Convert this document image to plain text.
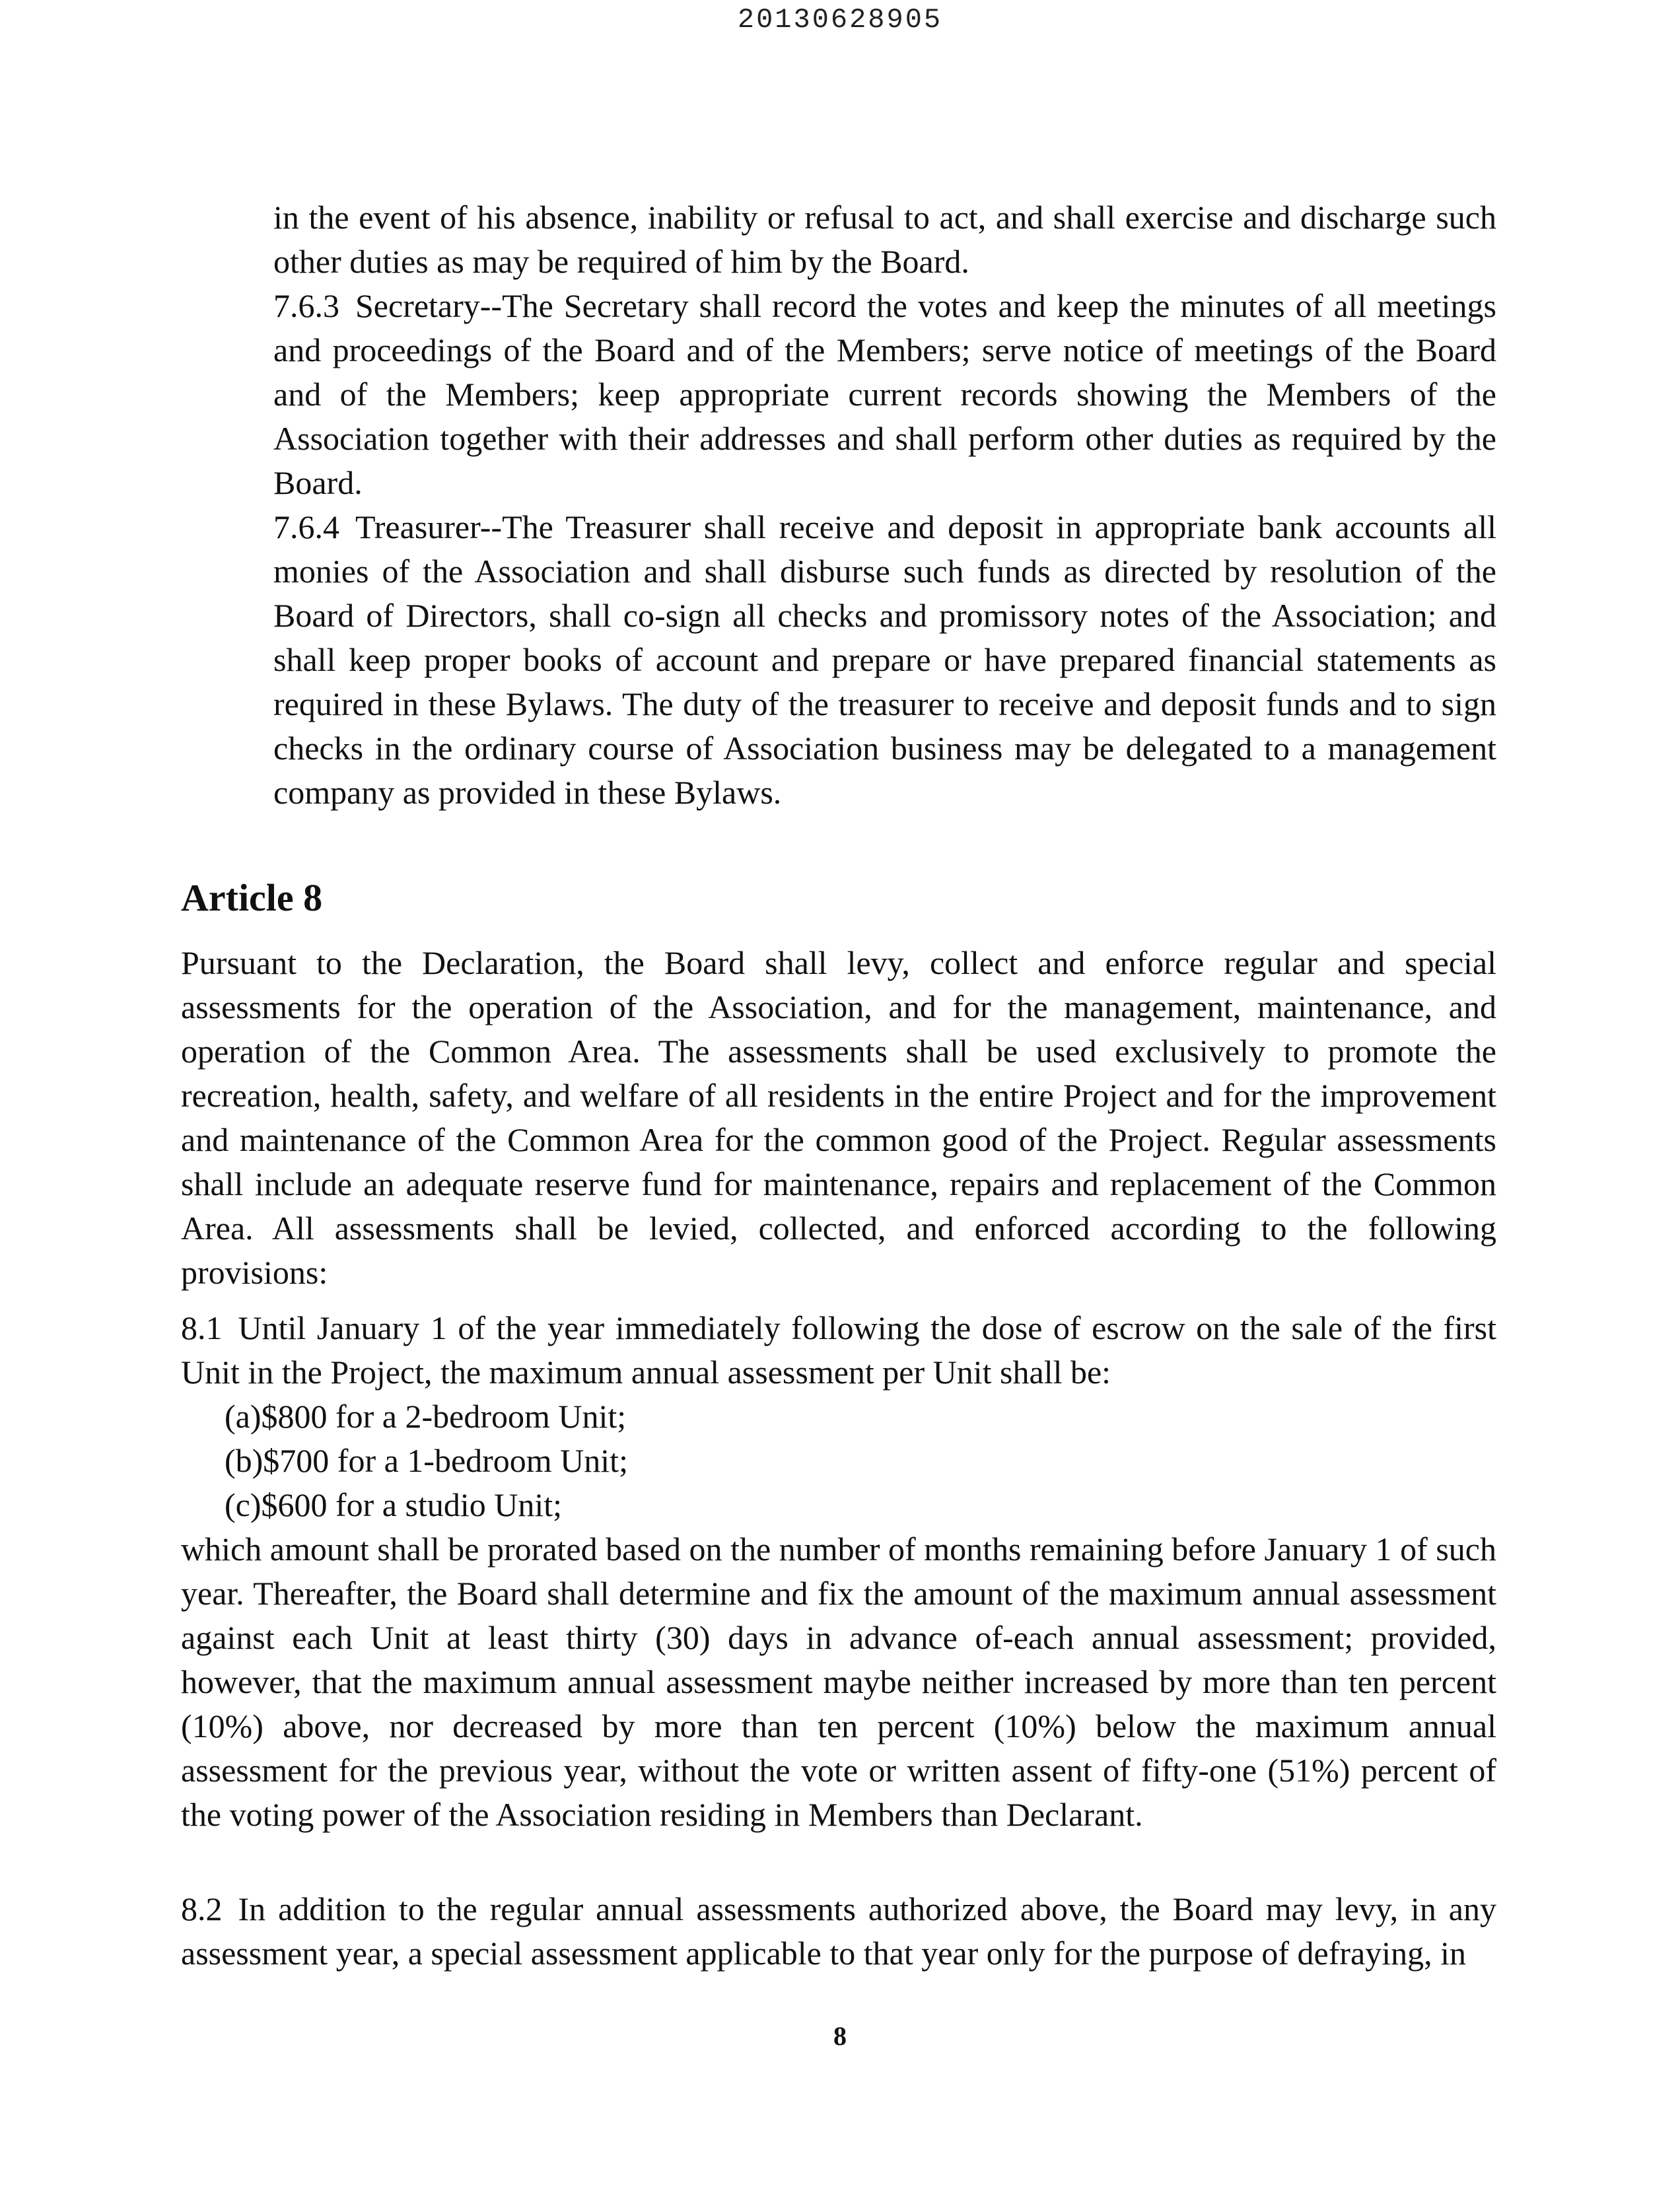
20130628905

in the event of his absence, inability or refusal to act, and shall exercise and discharge such other duties as may be required of him by the Board.

7.6.3 Secretary--The Secretary shall record the votes and keep the minutes of all meetings and proceedings of the Board and of the Members; serve notice of meetings of the Board and of the Members; keep appropriate current records showing the Members of the Association together with their addresses and shall perform other duties as required by the Board.

7.6.4 Treasurer--The Treasurer shall receive and deposit in appropriate bank accounts all monies of the Association and shall disburse such funds as directed by resolution of the Board of Directors, shall co-sign all checks and promissory notes of the Association; and shall keep proper books of account and prepare or have prepared financial statements as required in these Bylaws. The duty of the treasurer to receive and deposit funds and to sign checks in the ordinary course of Association business may be delegated to a management company as provided in these Bylaws.

Article 8

Pursuant to the Declaration, the Board shall levy, collect and enforce regular and special assessments for the operation of the Association, and for the management, maintenance, and operation of the Common Area. The assessments shall be used exclusively to promote the recreation, health, safety, and welfare of all residents in the entire Project and for the improvement and maintenance of the Common Area for the common good of the Project. Regular assessments shall include an adequate reserve fund for maintenance, repairs and replacement of the Common Area. All assessments shall be levied, collected, and enforced according to the following provisions:

8.1 Until January 1 of the year immediately following the dose of escrow on the sale of the first Unit in the Project, the maximum annual assessment per Unit shall be:

(a)$800 for a 2-bedroom Unit;

(b)$700 for a 1-bedroom Unit;

(c)$600 for a studio Unit;

which amount shall be prorated based on the number of months remaining before January 1 of such year. Thereafter, the Board shall determine and fix the amount of the maximum annual assessment against each Unit at least thirty (30) days in advance of-each annual assessment; provided, however, that the maximum annual assessment maybe neither increased by more than ten percent (10%) above, nor decreased by more than ten percent (10%) below the maximum annual assessment for the previous year, without the vote or written assent of fifty-one (51%) percent of the voting power of the Association residing in Members than Declarant.

8.2 In addition to the regular annual assessments authorized above, the Board may levy, in any assessment year, a special assessment applicable to that year only for the purpose of defraying, in

8
